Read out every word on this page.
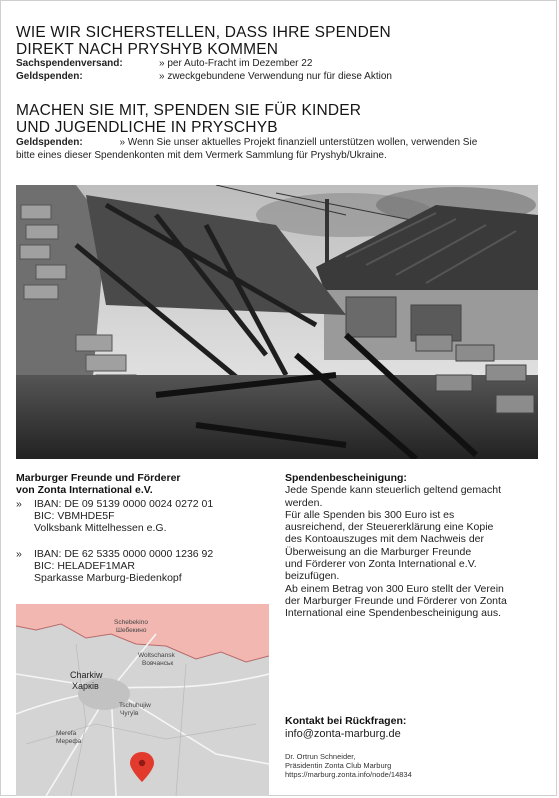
WIE WIR SICHERSTELLEN, DASS IHRE SPENDEN
DIREKT NACH PRYSHYB KOMMEN
Sachspendenversand:	» per Auto-Fracht im Dezember 22
Geldspenden:	» zweckgebundene Verwendung nur für diese Aktion
MACHEN SIE MIT, SPENDEN SIE FÜR KINDER
UND JUGENDLICHE IN PRYSCHYB
Geldspenden:	» Wenn Sie unser aktuelles Projekt finanziell unterstützen wollen, verwenden Sie
bitte eines dieser Spendenkonten mit dem Vermerk Sammlung für Pryshyb/Ukraine.
Marburger Freunde und Förderer
von Zonta International e.V.
» IBAN: DE 09 5139 0000 0024 0272 01
BIC: VBMHDE5F
Volksbank Mittelhessen e.G.
» IBAN: DE 62 5335 0000 0000 1236 92
BIC: HELADEF1MAR
Sparkasse Marburg-Biedenkopf
Spendenbescheinigung:
Jede Spende kann steuerlich geltend gemacht
werden.
Für alle Spenden bis 300 Euro ist es
ausreichend, der Steuererklärung eine Kopie
des Kontoauszuges mit dem Nachweis der
Überweisung an die Marburger Freunde
und Förderer von Zonta International e.V.
beizufügen.
Ab einem Betrag von 300 Euro stellt der Verein
der Marburger Freunde und Förderer von Zonta
International eine Spendenbescheinigung aus.
Schebekino
Шебекино
Woltschansk
Вовчанськ
Charkiw
Харків
Tschuhujiw
Чугуїв
Merefa
Мерефа
Kontakt bei Rückfragen:
info@zonta-marburg.de
Dr. Ortrun Schneider,
Präsidentin Zonta Club Marburg
https://marburg.zonta.info/node/14834
